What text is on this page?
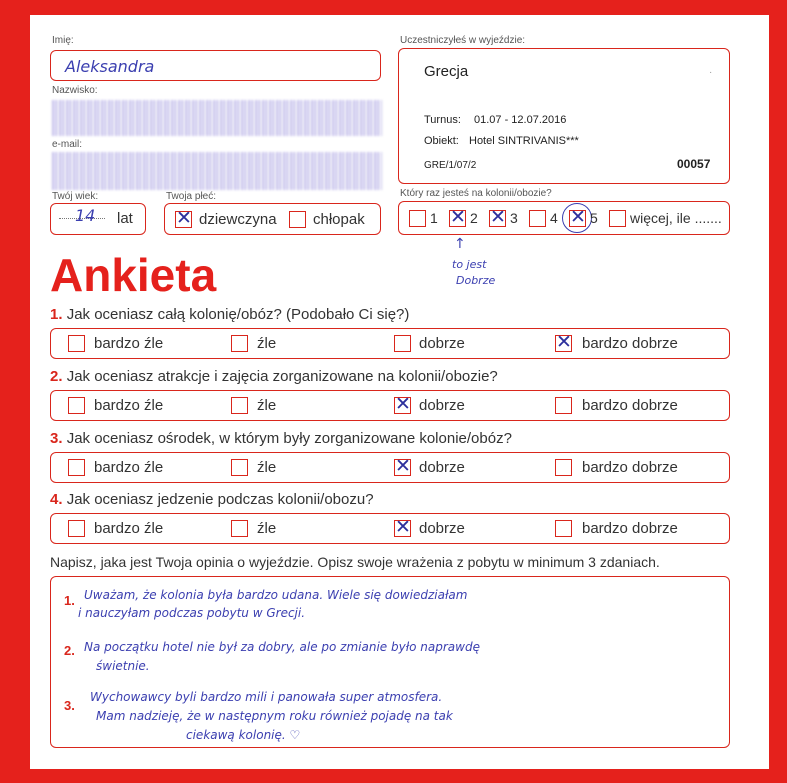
Imię:
Aleksandra
Nazwisko:
e-mail:
Twój wiek:
14 lat
Twoja płeć:
✕
dziewczyna chłopak
Uczestniczyłeś w wyjeździe:
Grecja	·
Turnus: 01.07 - 12.07.2016
Obiekt: Hotel SINTRIVANIS***
GRE/1/07/2	00057
Który raz jesteś na kolonii/obozie?
1 ✕ 2 ✕ 3 4 ✕ 5 więcej, ile .......
↑
to jest
Dobrze
Ankieta
1. Jak oceniasz całą kolonię/obóz? (Podobało Ci się?)
bardzo źle	źle	dobrze ✕	bardzo dobrze
2. Jak oceniasz atrakcje i zajęcia zorganizowane na kolonii/obozie?
bardzo źle	źle ✕	dobrze	bardzo dobrze
3. Jak oceniasz ośrodek, w którym były zorganizowane kolonie/obóz?
bardzo źle	źle ✕	dobrze	bardzo dobrze
4. Jak oceniasz jedzenie podczas kolonii/obozu?
bardzo źle	źle ✕	dobrze	bardzo dobrze
Napisz, jaka jest Twoja opinia o wyjeździe. Opisz swoje wrażenia z pobytu w minimum 3 zdaniach.
1. Uważam, że kolonia była bardzo udana. Wiele się dowiedziałam
i nauczyłam podczas pobytu w Grecji.
2. Na początku hotel nie był za dobry, ale po zmianie było naprawdę
świetnie.
3.
Wychowawcy byli bardzo mili i panowała super atmosfera.
Mam nadzieję, że w następnym roku również pojadę na tak
ciekawą kolonię. ♡
